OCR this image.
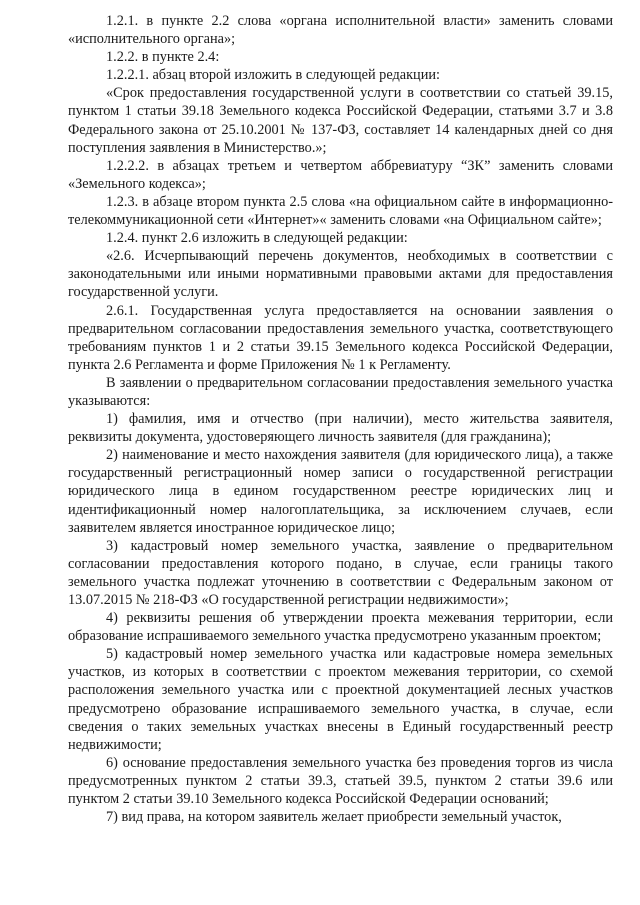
1.2.1. в пункте 2.2 слова «органа исполнительной власти» заменить словами «исполнительного органа»;

1.2.2. в пункте 2.4:

1.2.2.1. абзац второй изложить в следующей редакции:

«Срок предоставления государственной услуги в соответствии со статьей 39.15, пунктом 1 статьи 39.18 Земельного кодекса Российской Федерации, статьями 3.7 и 3.8 Федерального закона от 25.10.2001 № 137-ФЗ, составляет 14 календарных дней со дня поступления заявления в Министерство.»;

1.2.2.2. в абзацах третьем и четвертом аббревиатуру “ЗК” заменить словами «Земельного кодекса»;

1.2.3. в абзаце втором пункта 2.5 слова «на официальном сайте в информационно-телекоммуникационной сети «Интернет»« заменить словами «на Официальном сайте»;

1.2.4. пункт 2.6 изложить в следующей редакции:

«2.6. Исчерпывающий перечень документов, необходимых в соответствии с законодательными или иными нормативными правовыми актами для предоставления государственной услуги.

2.6.1. Государственная услуга предоставляется на основании заявления о предварительном согласовании предоставления земельного участка, соответствующего требованиям пунктов 1 и 2 статьи 39.15 Земельного кодекса Российской Федерации, пункта 2.6 Регламента и форме Приложения № 1 к Регламенту.

В заявлении о предварительном согласовании предоставления земельного участка указываются:

1) фамилия, имя и отчество (при наличии), место жительства заявителя, реквизиты документа, удостоверяющего личность заявителя (для гражданина);

2) наименование и место нахождения заявителя (для юридического лица), а также государственный регистрационный номер записи о государственной регистрации юридического лица в едином государственном реестре юридических лиц и идентификационный номер налогоплательщика, за исключением случаев, если заявителем является иностранное юридическое лицо;

3) кадастровый номер земельного участка, заявление о предварительном согласовании предоставления которого подано, в случае, если границы такого земельного участка подлежат уточнению в соответствии с Федеральным законом от 13.07.2015 № 218-ФЗ «О государственной регистрации недвижимости»;

4) реквизиты решения об утверждении проекта межевания территории, если образование испрашиваемого земельного участка предусмотрено указанным проектом;

5) кадастровый номер земельного участка или кадастровые номера земельных участков, из которых в соответствии с проектом межевания территории, со схемой расположения земельного участка или с проектной документацией лесных участков предусмотрено образование испрашиваемого земельного участка, в случае, если сведения о таких земельных участках внесены в Единый государственный реестр недвижимости;

6) основание предоставления земельного участка без проведения торгов из числа предусмотренных пунктом 2 статьи 39.3, статьей 39.5, пунктом 2 статьи 39.6 или пунктом 2 статьи 39.10 Земельного кодекса Российской Федерации оснований;

7) вид права, на котором заявитель желает приобрести земельный участок,
